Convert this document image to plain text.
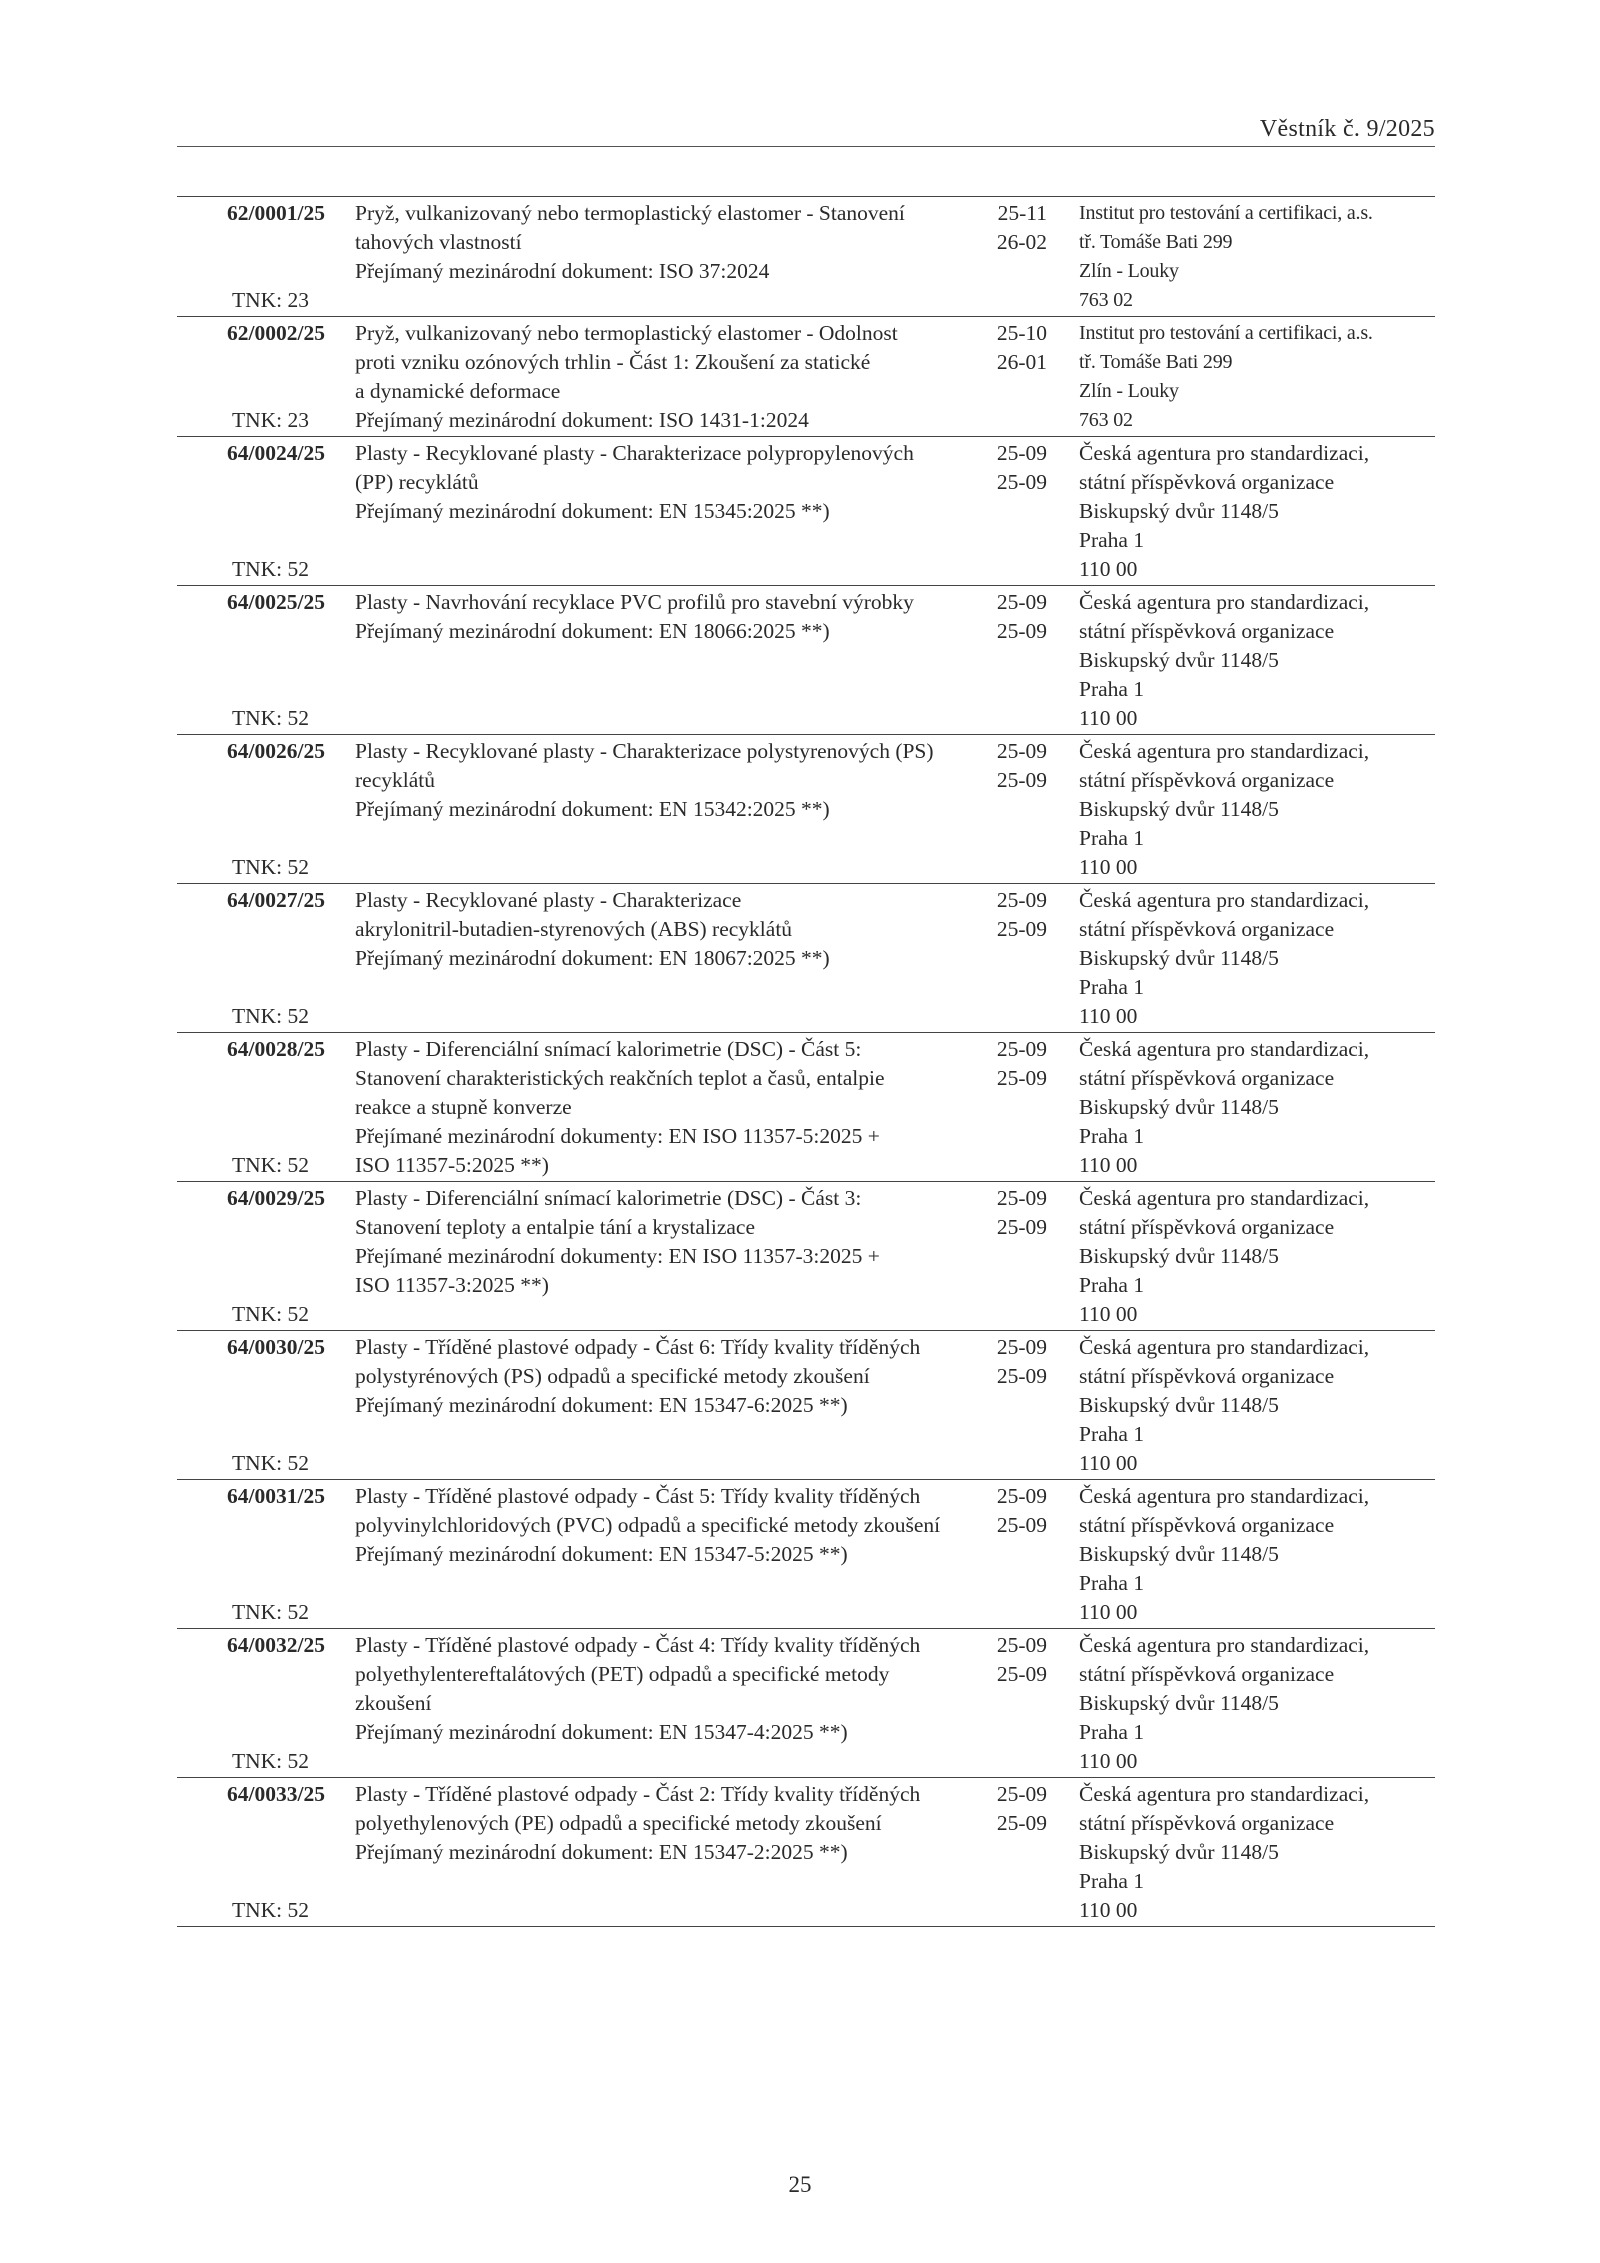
Věstník č. 9/2025
62/0001/25
TNK: 23
Pryž, vulkanizovaný nebo termoplastický elastomer - Stanovení
tahových vlastností
Přejímaný mezinárodní dokument: ISO 37:2024
25-11
26-02
Institut pro testování a certifikaci, a.s.
tř. Tomáše Bati 299
Zlín - Louky
763 02
62/0002/25
TNK: 23
Pryž, vulkanizovaný nebo termoplastický elastomer - Odolnost
proti vzniku ozónových trhlin - Část 1: Zkoušení za statické
a dynamické deformace
Přejímaný mezinárodní dokument: ISO 1431-1:2024
25-10
26-01
Institut pro testování a certifikaci, a.s.
tř. Tomáše Bati 299
Zlín - Louky
763 02
64/0024/25
TNK: 52
Plasty - Recyklované plasty - Charakterizace polypropylenových
(PP) recyklátů
Přejímaný mezinárodní dokument: EN 15345:2025 **)
25-09
25-09
Česká agentura pro standardizaci,
státní příspěvková organizace
Biskupský dvůr 1148/5
Praha 1
110 00
64/0025/25
TNK: 52
Plasty - Navrhování recyklace PVC profilů pro stavební výrobky
Přejímaný mezinárodní dokument: EN 18066:2025 **)
25-09
25-09
Česká agentura pro standardizaci,
státní příspěvková organizace
Biskupský dvůr 1148/5
Praha 1
110 00
64/0026/25
TNK: 52
Plasty - Recyklované plasty - Charakterizace polystyrenových (PS)
recyklátů
Přejímaný mezinárodní dokument: EN 15342:2025 **)
25-09
25-09
Česká agentura pro standardizaci,
státní příspěvková organizace
Biskupský dvůr 1148/5
Praha 1
110 00
64/0027/25
TNK: 52
Plasty - Recyklované plasty - Charakterizace
akrylonitril-butadien-styrenových (ABS) recyklátů
Přejímaný mezinárodní dokument: EN 18067:2025 **)
25-09
25-09
Česká agentura pro standardizaci,
státní příspěvková organizace
Biskupský dvůr 1148/5
Praha 1
110 00
64/0028/25
TNK: 52
Plasty - Diferenciální snímací kalorimetrie (DSC) - Část 5:
Stanovení charakteristických reakčních teplot a časů, entalpie
reakce a stupně konverze
Přejímané mezinárodní dokumenty: EN ISO 11357-5:2025 +
ISO 11357-5:2025 **)
25-09
25-09
Česká agentura pro standardizaci,
státní příspěvková organizace
Biskupský dvůr 1148/5
Praha 1
110 00
64/0029/25
TNK: 52
Plasty - Diferenciální snímací kalorimetrie (DSC) - Část 3:
Stanovení teploty a entalpie tání a krystalizace
Přejímané mezinárodní dokumenty: EN ISO 11357-3:2025 +
ISO 11357-3:2025 **)
25-09
25-09
Česká agentura pro standardizaci,
státní příspěvková organizace
Biskupský dvůr 1148/5
Praha 1
110 00
64/0030/25
TNK: 52
Plasty - Tříděné plastové odpady - Část 6: Třídy kvality tříděných
polystyrénových (PS) odpadů a specifické metody zkoušení
Přejímaný mezinárodní dokument: EN 15347-6:2025 **)
25-09
25-09
Česká agentura pro standardizaci,
státní příspěvková organizace
Biskupský dvůr 1148/5
Praha 1
110 00
64/0031/25
TNK: 52
Plasty - Tříděné plastové odpady - Část 5: Třídy kvality tříděných
polyvinylchloridových (PVC) odpadů a specifické metody zkoušení
Přejímaný mezinárodní dokument: EN 15347-5:2025 **)
25-09
25-09
Česká agentura pro standardizaci,
státní příspěvková organizace
Biskupský dvůr 1148/5
Praha 1
110 00
64/0032/25
TNK: 52
Plasty - Tříděné plastové odpady - Část 4: Třídy kvality tříděných
polyethylentereftalátových (PET) odpadů a specifické metody
zkoušení
Přejímaný mezinárodní dokument: EN 15347-4:2025 **)
25-09
25-09
Česká agentura pro standardizaci,
státní příspěvková organizace
Biskupský dvůr 1148/5
Praha 1
110 00
64/0033/25
TNK: 52
Plasty - Tříděné plastové odpady - Část 2: Třídy kvality tříděných
polyethylenových (PE) odpadů a specifické metody zkoušení
Přejímaný mezinárodní dokument: EN 15347-2:2025 **)
25-09
25-09
Česká agentura pro standardizaci,
státní příspěvková organizace
Biskupský dvůr 1148/5
Praha 1
110 00
25
